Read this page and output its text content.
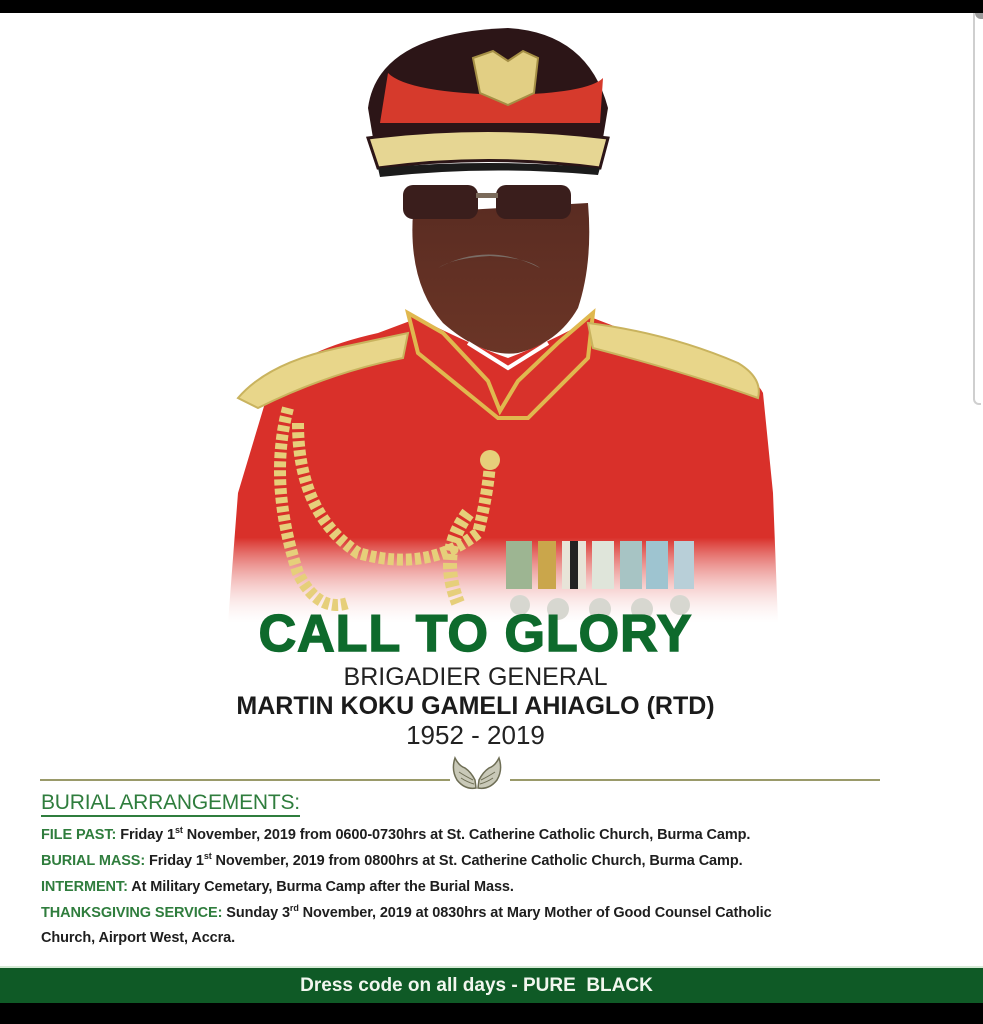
CALL TO GLORY
BRIGADIER GENERAL
MARTIN KOKU GAMELI AHIAGLO (RTD)
1952 - 2019
BURIAL ARRANGEMENTS:
FILE PAST: Friday 1st November, 2019 from 0600-0730hrs at St. Catherine Catholic Church, Burma Camp.
BURIAL MASS: Friday 1st November, 2019 from 0800hrs at St. Catherine Catholic Church, Burma Camp.
INTERMENT: At Military Cemetary, Burma Camp after the Burial Mass.
THANKSGIVING SERVICE: Sunday 3rd November, 2019 at 0830hrs at Mary Mother of Good Counsel Catholic
Church, Airport West, Accra.
Dress code on all days - PURE  BLACK
